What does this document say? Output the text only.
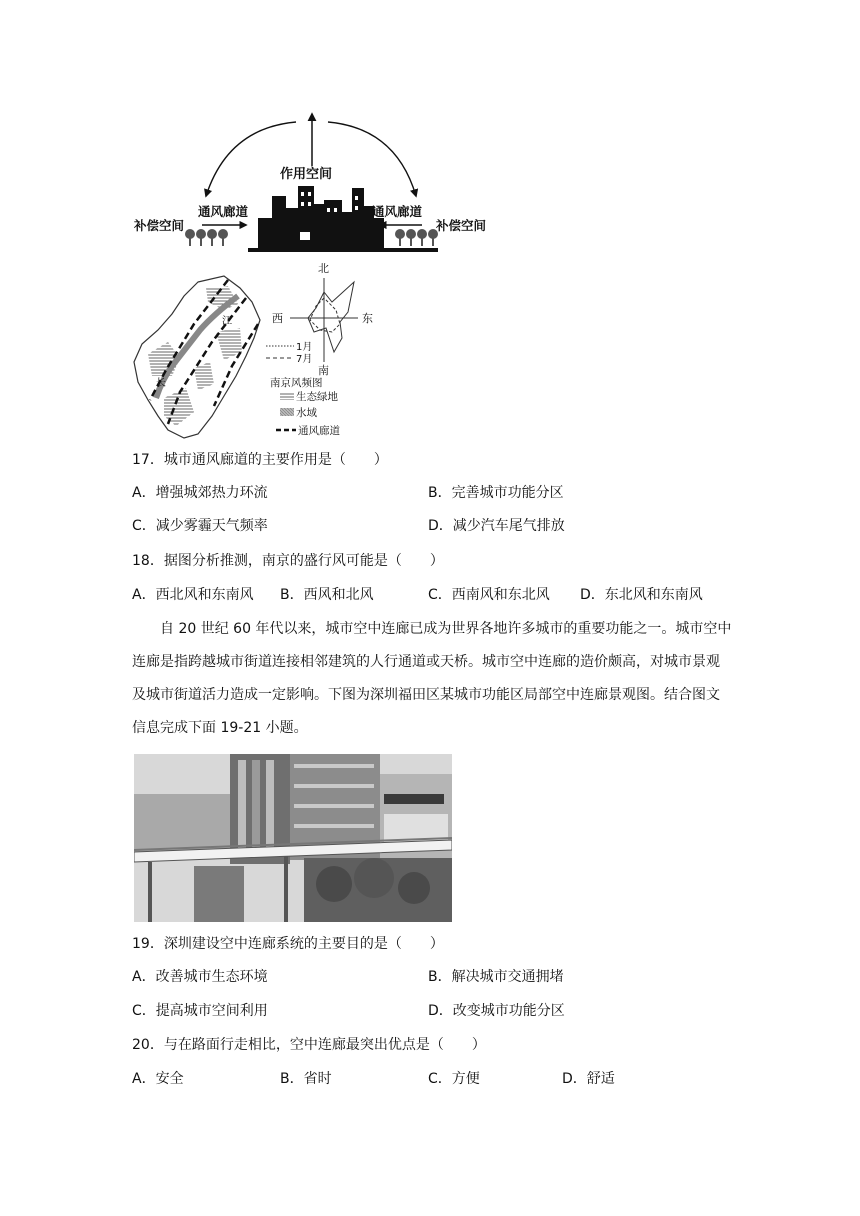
作用空间
通风廊道	通风廊道
补偿空间	补偿空间
江
长
北
南
西	东
1月
7月
南京风频图
生态绿地
水域
通风廊道
17．城市通风廊道的主要作用是（　　）
A．增强城郊热力环流	B．完善城市功能分区
C．减少雾霾天气频率	D．减少汽车尾气排放
18．据图分析推测，南京的盛行风可能是（　　）
A．西北风和东南风 B．西风和北风	C．西南风和东北风 D．东北风和东南风

自 20 世纪 60 年代以来，城市空中连廊已成为世界各地许多城市的重要功能之一。城市空中连廊是指跨越城市街道连接相邻建筑的人行通道或天桥。城市空中连廊的造价颇高，对城市景观及城市街道活力造成一定影响。下图为深圳福田区某城市功能区局部空中连廊景观图。结合图文信息完成下面 19-21 小题。

19．深圳建设空中连廊系统的主要目的是（　　）
A．改善城市生态环境	B．解决城市交通拥堵
C．提高城市空间利用	D．改变城市功能分区
20．与在路面行走相比，空中连廊最突出优点是（　　）
A．安全	B．省时	C．方便	D．舒适
